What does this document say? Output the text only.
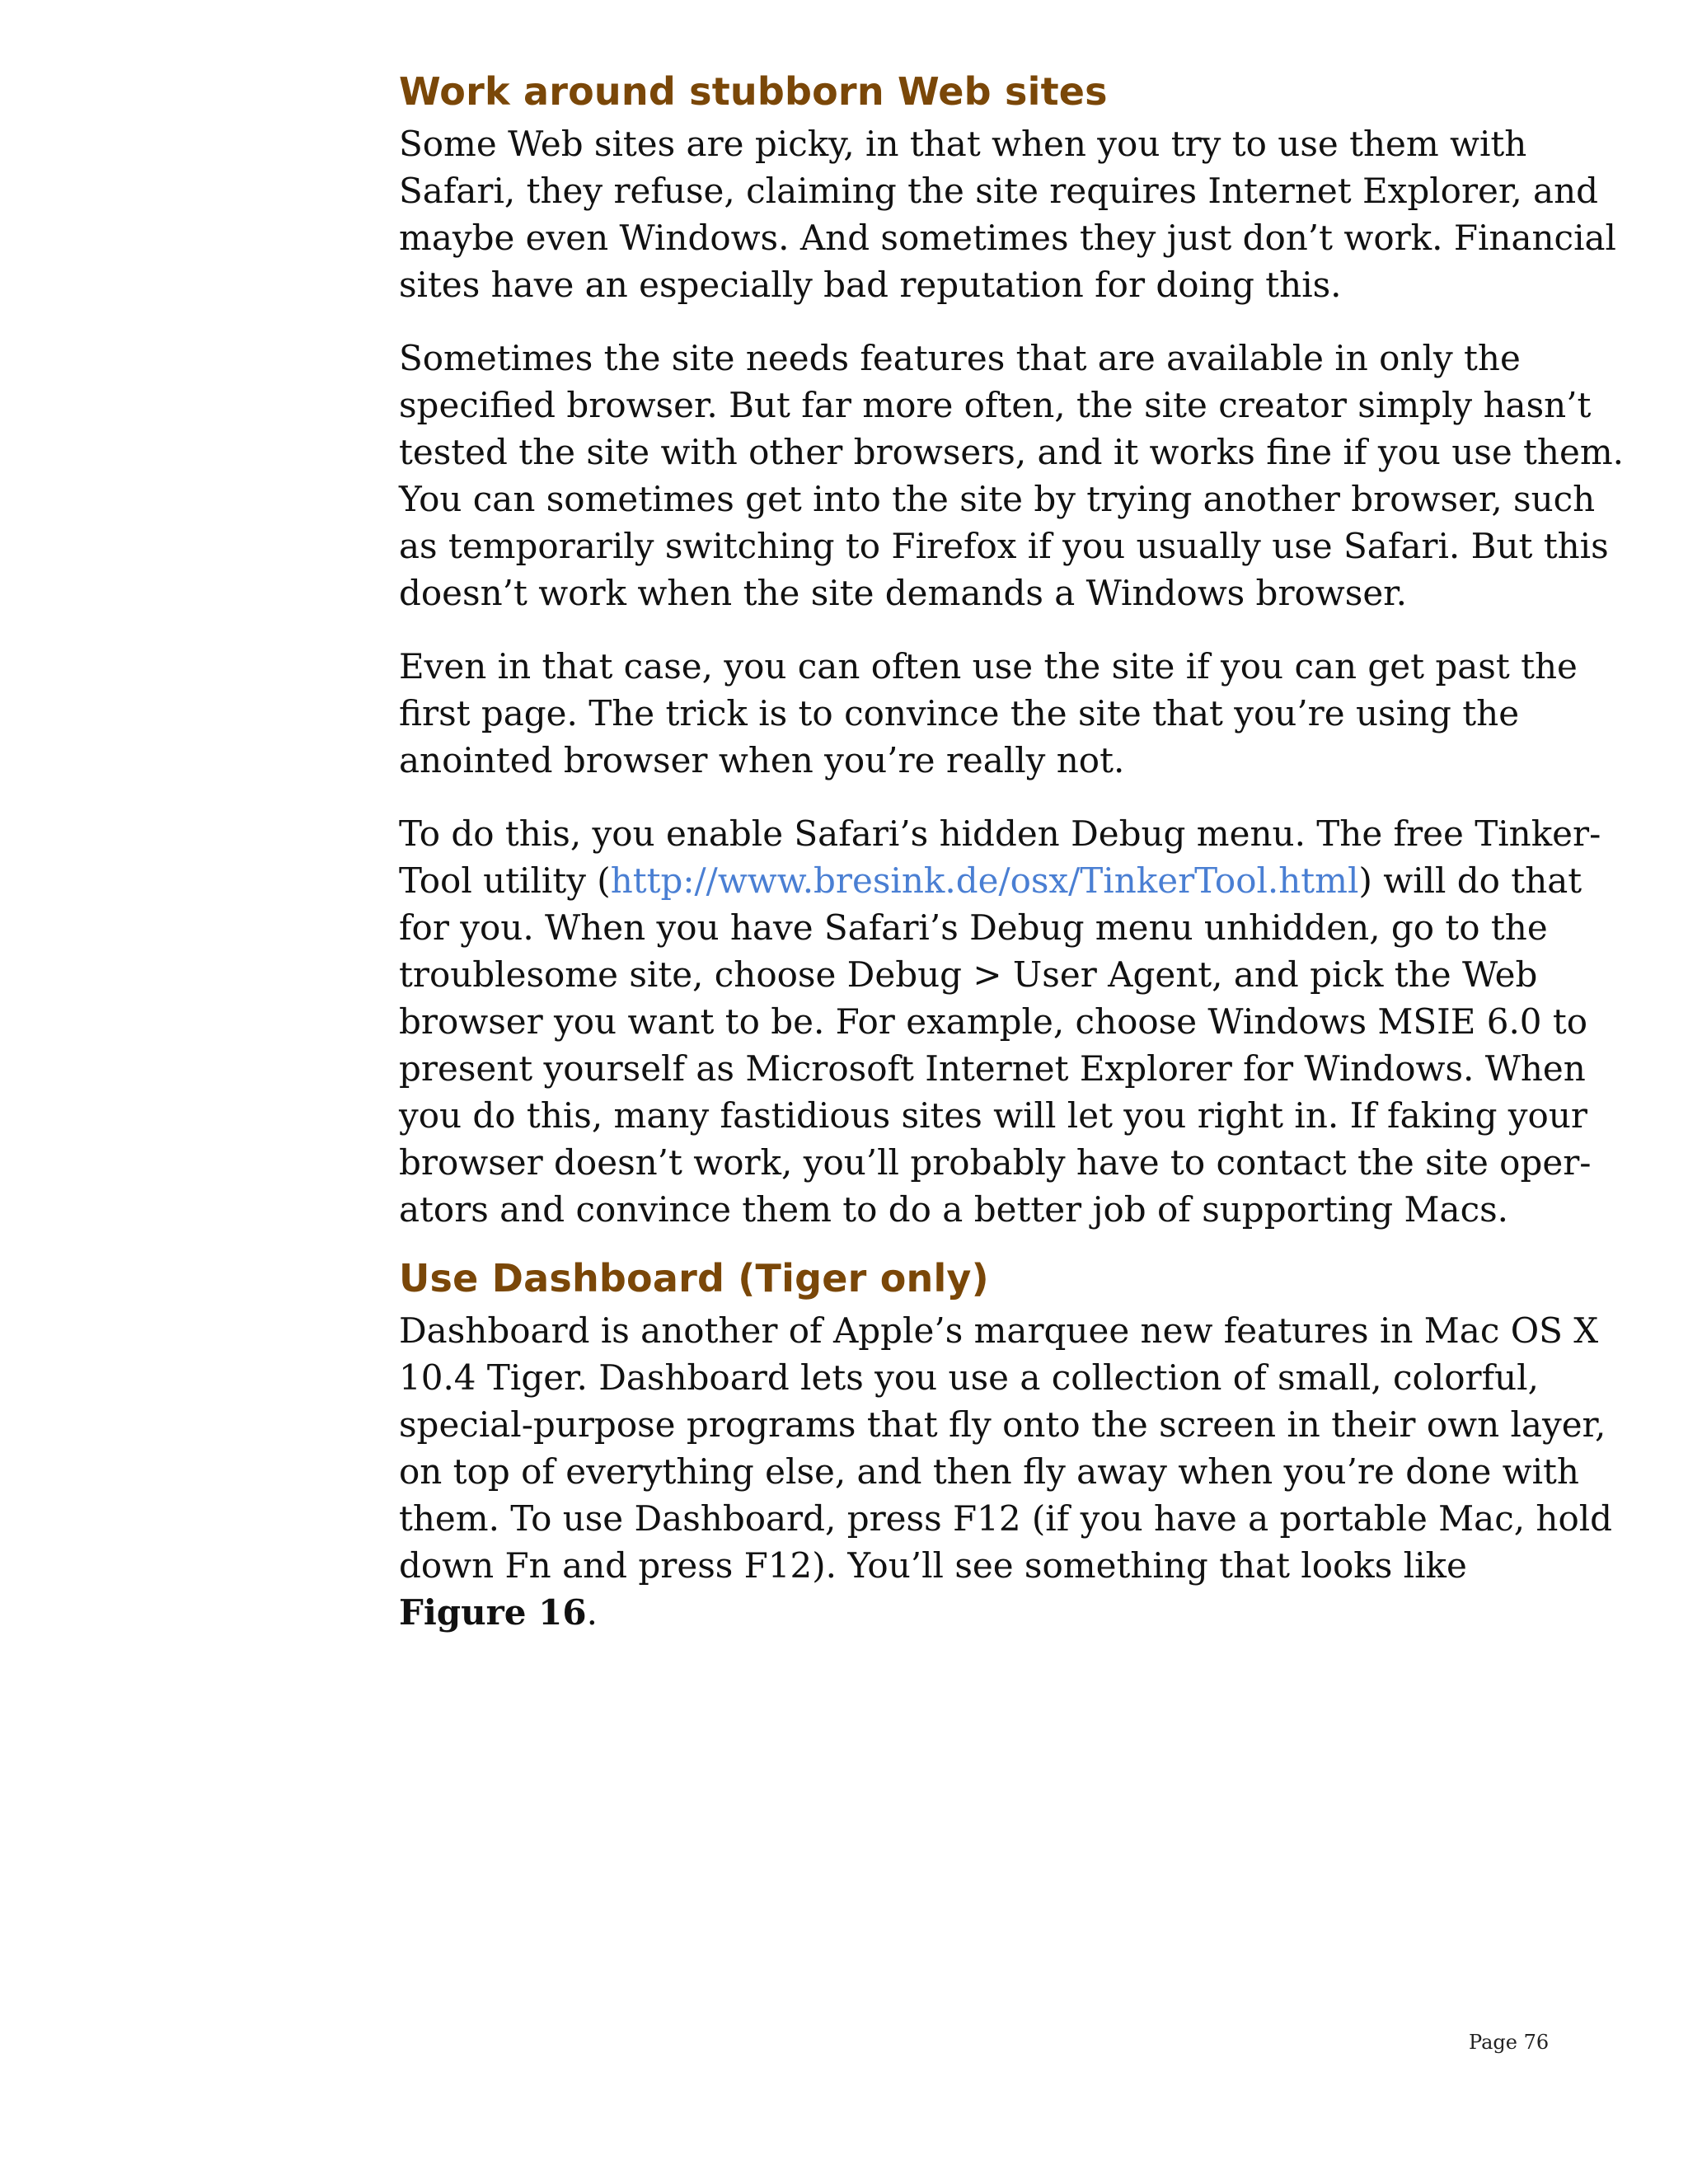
Work around stubborn Web sites

Some Web sites are picky, in that when you try to use them with
Safari, they refuse, claiming the site requires Internet Explorer, and
maybe even Windows. And sometimes they just don’t work. Financial
sites have an especially bad reputation for doing this.

Sometimes the site needs features that are available in only the
specified browser. But far more often, the site creator simply hasn’t
tested the site with other browsers, and it works fine if you use them.
You can sometimes get into the site by trying another browser, such
as temporarily switching to Firefox if you usually use Safari. But this
doesn’t work when the site demands a Windows browser.

Even in that case, you can often use the site if you can get past the
first page. The trick is to convince the site that you’re using the
anointed browser when you’re really not.

To do this, you enable Safari’s hidden Debug menu. The free Tinker-
Tool utility (http://www.bresink.de/osx/TinkerTool.html) will do that
for you. When you have Safari’s Debug menu unhidden, go to the
troublesome site, choose Debug > User Agent, and pick the Web
browser you want to be. For example, choose Windows MSIE 6.0 to
present yourself as Microsoft Internet Explorer for Windows. When
you do this, many fastidious sites will let you right in. If faking your
browser doesn’t work, you’ll probably have to contact the site oper-
ators and convince them to do a better job of supporting Macs.

Use Dashboard (Tiger only)

Dashboard is another of Apple’s marquee new features in Mac OS X
10.4 Tiger. Dashboard lets you use a collection of small, colorful,
special-purpose programs that fly onto the screen in their own layer,
on top of everything else, and then fly away when you’re done with
them. To use Dashboard, press F12 (if you have a portable Mac, hold
down Fn and press F12). You’ll see something that looks like
Figure 16.

Page 76
